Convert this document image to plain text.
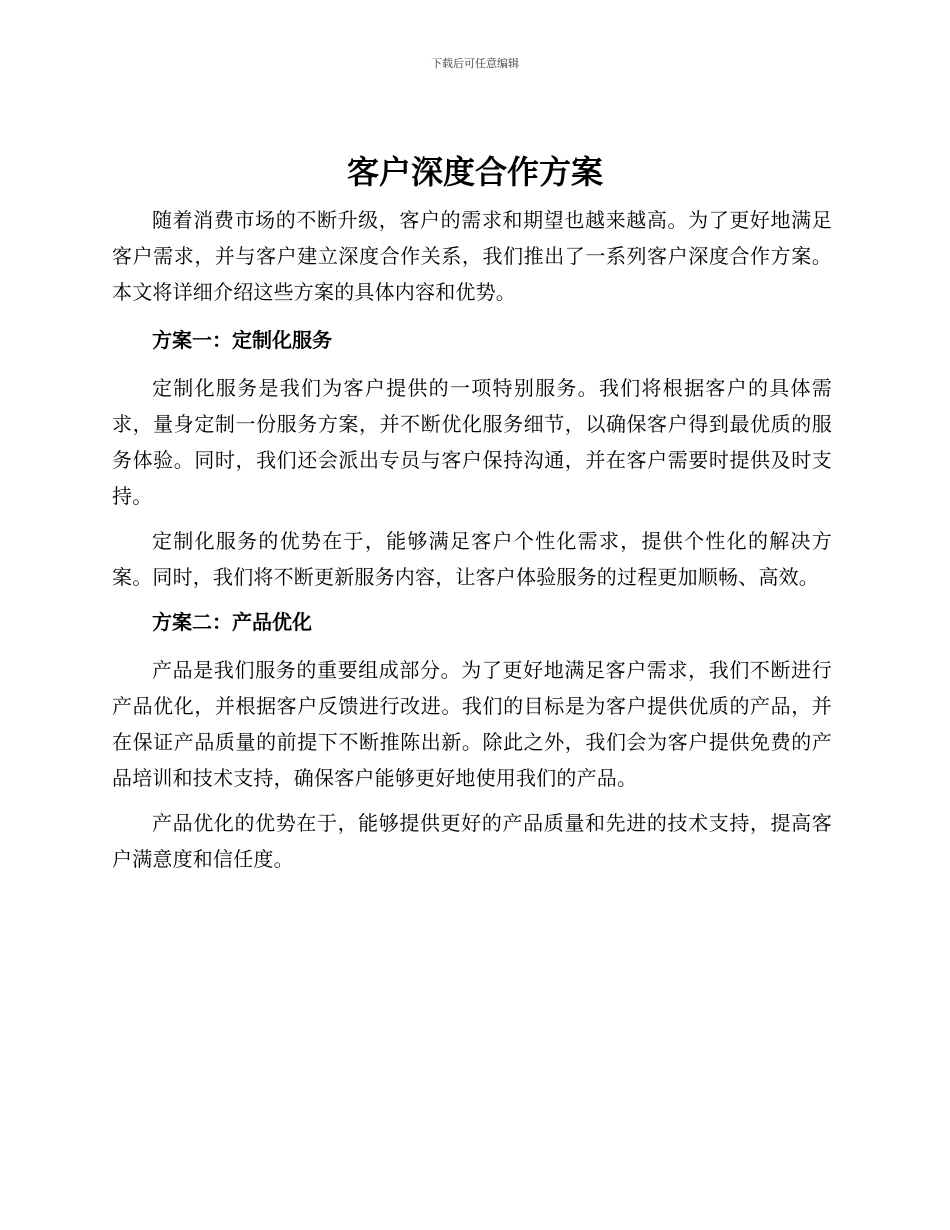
下载后可任意编辑
客户深度合作方案

随着消费市场的不断升级，客户的需求和期望也越来越高。为了更好地满足客户需求，并与客户建立深度合作关系，我们推出了一系列客户深度合作方案。本文将详细介绍这些方案的具体内容和优势。

方案一：定制化服务

定制化服务是我们为客户提供的一项特别服务。我们将根据客户的具体需求，量身定制一份服务方案，并不断优化服务细节，以确保客户得到最优质的服务体验。同时，我们还会派出专员与客户保持沟通，并在客户需要时提供及时支持。

定制化服务的优势在于，能够满足客户个性化需求，提供个性化的解决方案。同时，我们将不断更新服务内容，让客户体验服务的过程更加顺畅、高效。

方案二：产品优化

产品是我们服务的重要组成部分。为了更好地满足客户需求，我们不断进行产品优化，并根据客户反馈进行改进。我们的目标是为客户提供优质的产品，并在保证产品质量的前提下不断推陈出新。除此之外，我们会为客户提供免费的产品培训和技术支持，确保客户能够更好地使用我们的产品。

产品优化的优势在于，能够提供更好的产品质量和先进的技术支持，提高客户满意度和信任度。
